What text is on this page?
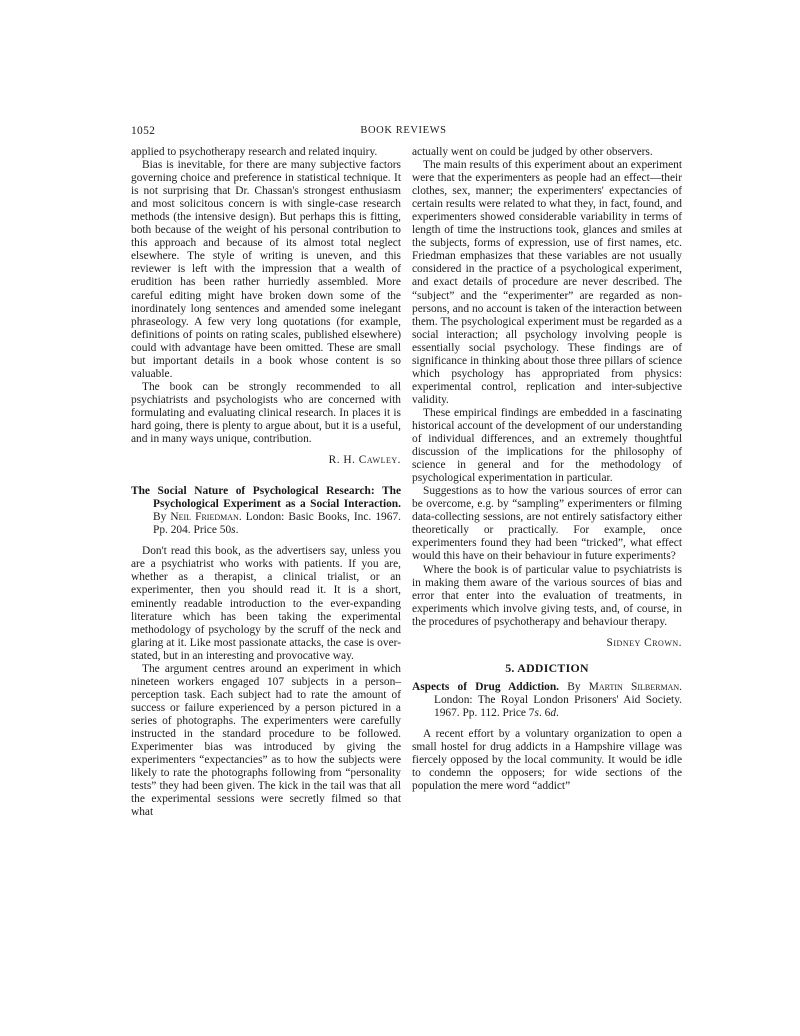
1052	BOOK REVIEWS

applied to psychotherapy research and related inquiry.

Bias is inevitable, for there are many subjective factors governing choice and preference in statistical technique. It is not surprising that Dr. Chassan's strongest enthusiasm and most solicitous concern is with single-case research methods (the intensive design). But perhaps this is fitting, both because of the weight of his personal contribution to this approach and because of its almost total neglect elsewhere. The style of writing is uneven, and this reviewer is left with the impression that a wealth of erudition has been rather hurriedly assembled. More careful editing might have broken down some of the inordinately long sentences and amended some inelegant phraseology. A few very long quotations (for example, definitions of points on rating scales, published elsewhere) could with advantage have been omitted. These are small but important details in a book whose content is so valuable.

The book can be strongly recommended to all psychiatrists and psychologists who are concerned with formulating and evaluating clinical research. In places it is hard going, there is plenty to argue about, but it is a useful, and in many ways unique, contribution.

R. H. Cawley.

The Social Nature of Psychological Research: The Psychological Experiment as a Social Interaction. By Neil Friedman. London: Basic Books, Inc. 1967. Pp. 204. Price 50s.

Don't read this book, as the advertisers say, unless you are a psychiatrist who works with patients. If you are, whether as a therapist, a clinical trialist, or an experimenter, then you should read it. It is a short, eminently readable introduction to the ever-expanding literature which has been taking the experimental methodology of psychology by the scruff of the neck and glaring at it. Like most passionate attacks, the case is over-stated, but in an interesting and provocative way.

The argument centres around an experiment in which nineteen workers engaged 107 subjects in a person–perception task. Each subject had to rate the amount of success or failure experienced by a person pictured in a series of photographs. The experimenters were carefully instructed in the standard procedure to be followed. Experimenter bias was introduced by giving the experimenters “expectancies” as to how the subjects were likely to rate the photographs following from “personality tests” they had been given. The kick in the tail was that all the experimental sessions were secretly filmed so that what

actually went on could be judged by other observers.

The main results of this experiment about an experiment were that the experimenters as people had an effect—their clothes, sex, manner; the experimenters' expectancies of certain results were related to what they, in fact, found, and experimenters showed considerable variability in terms of length of time the instructions took, glances and smiles at the subjects, forms of expression, use of first names, etc. Friedman emphasizes that these variables are not usually considered in the practice of a psychological experiment, and exact details of procedure are never described. The “subject” and the “experimenter” are regarded as non-persons, and no account is taken of the interaction between them. The psychological experiment must be regarded as a social interaction; all psychology involving people is essentially social psychology. These findings are of significance in thinking about those three pillars of science which psychology has appropriated from physics: experimental control, replication and inter-subjective validity.

These empirical findings are embedded in a fascinating historical account of the development of our understanding of individual differences, and an extremely thoughtful discussion of the implications for the philosophy of science in general and for the methodology of psychological experimentation in particular.

Suggestions as to how the various sources of error can be overcome, e.g. by “sampling” experimenters or filming data-collecting sessions, are not entirely satisfactory either theoretically or practically. For example, once experimenters found they had been “tricked”, what effect would this have on their behaviour in future experiments?

Where the book is of particular value to psychiatrists is in making them aware of the various sources of bias and error that enter into the evaluation of treatments, in experiments which involve giving tests, and, of course, in the procedures of psychotherapy and behaviour therapy.

Sidney Crown.

5. ADDICTION

Aspects of Drug Addiction. By Martin Silberman. London: The Royal London Prisoners' Aid Society. 1967. Pp. 112. Price 7s. 6d.

A recent effort by a voluntary organization to open a small hostel for drug addicts in a Hampshire village was fiercely opposed by the local community. It would be idle to condemn the opposers; for wide sections of the population the mere word “addict”
